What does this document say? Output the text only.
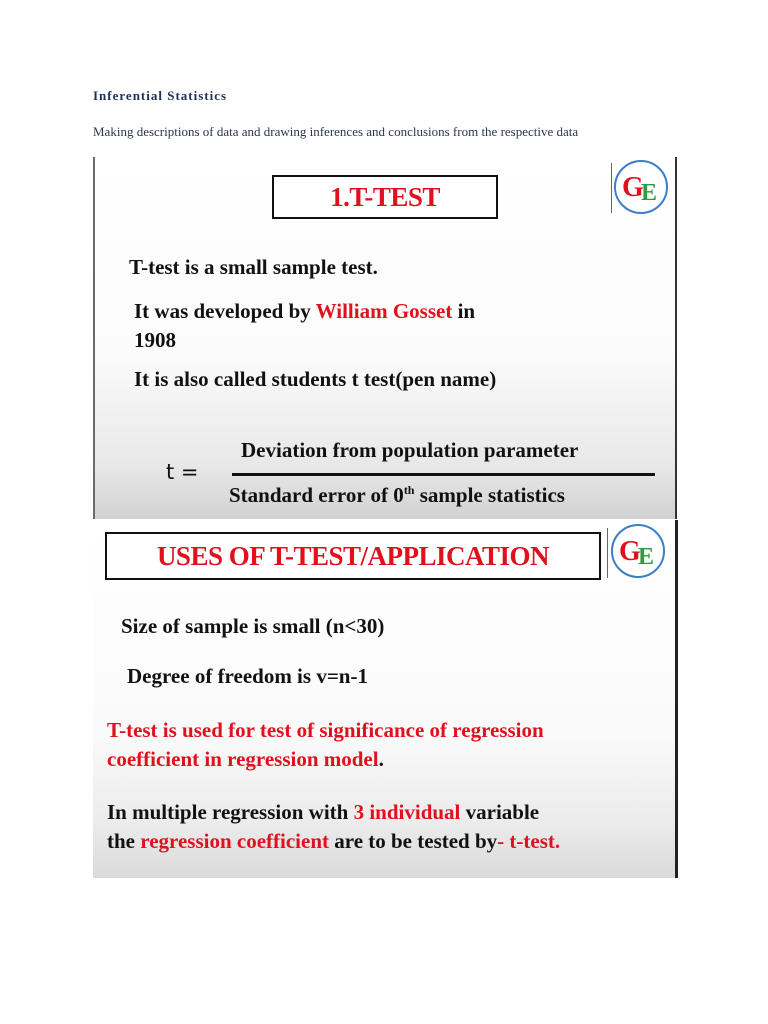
Inferential Statistics
Making descriptions of data and drawing inferences and conclusions from the respective data
1.T-TEST	G
E
T-test is a small sample test.
It was developed by William Gosset in
1908
It is also called students t test(pen name)
t =
Deviation from population parameter
Standard error of 0th sample statistics
USES OF T-TEST/APPLICATION	G
E
Size of sample is small (n<30)
Degree of freedom is v=n-1
T-test is used for test of significance of regression
coefficient in regression model.
In multiple regression with 3 individual variable
the regression coefficient are to be tested by- t-test.
